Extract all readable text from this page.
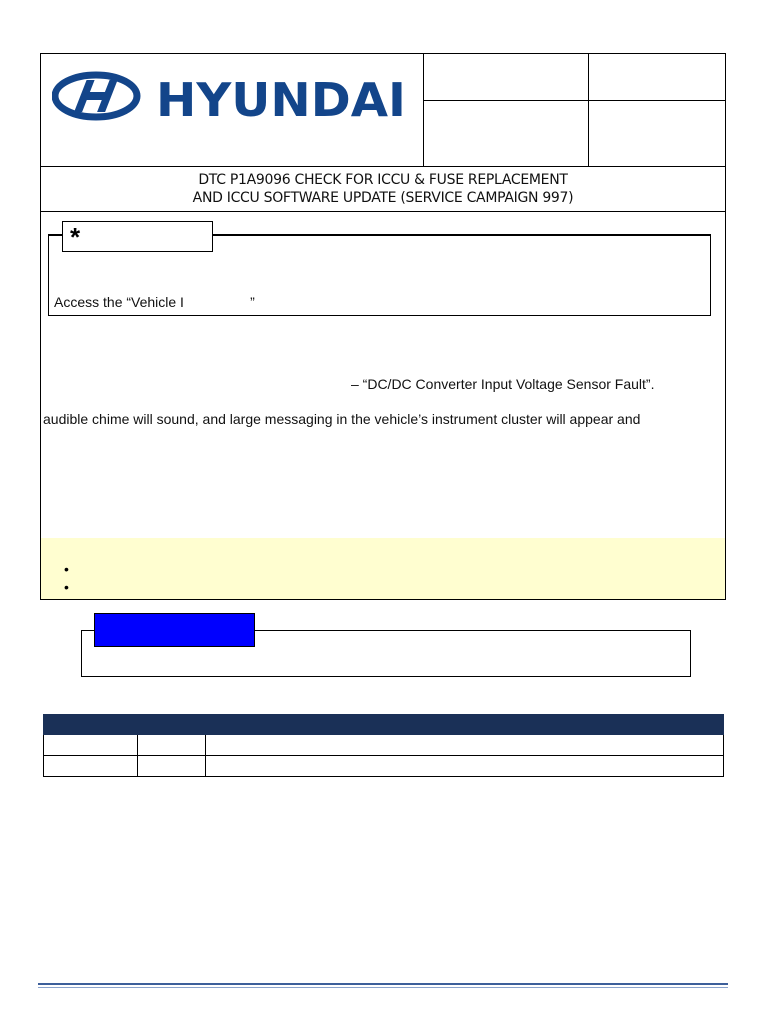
HYUNDAI
DTC P1A9096 CHECK FOR ICCU & FUSE REPLACEMENT
AND ICCU SOFTWARE UPDATE (SERVICE CAMPAIGN 997)
*
Access the “Vehicle I                 ”
– “DC/DC Converter Input Voltage Sensor Fault”.
audible chime will sound, and large messaging in the vehicle’s instrument cluster will appear and
•
•
